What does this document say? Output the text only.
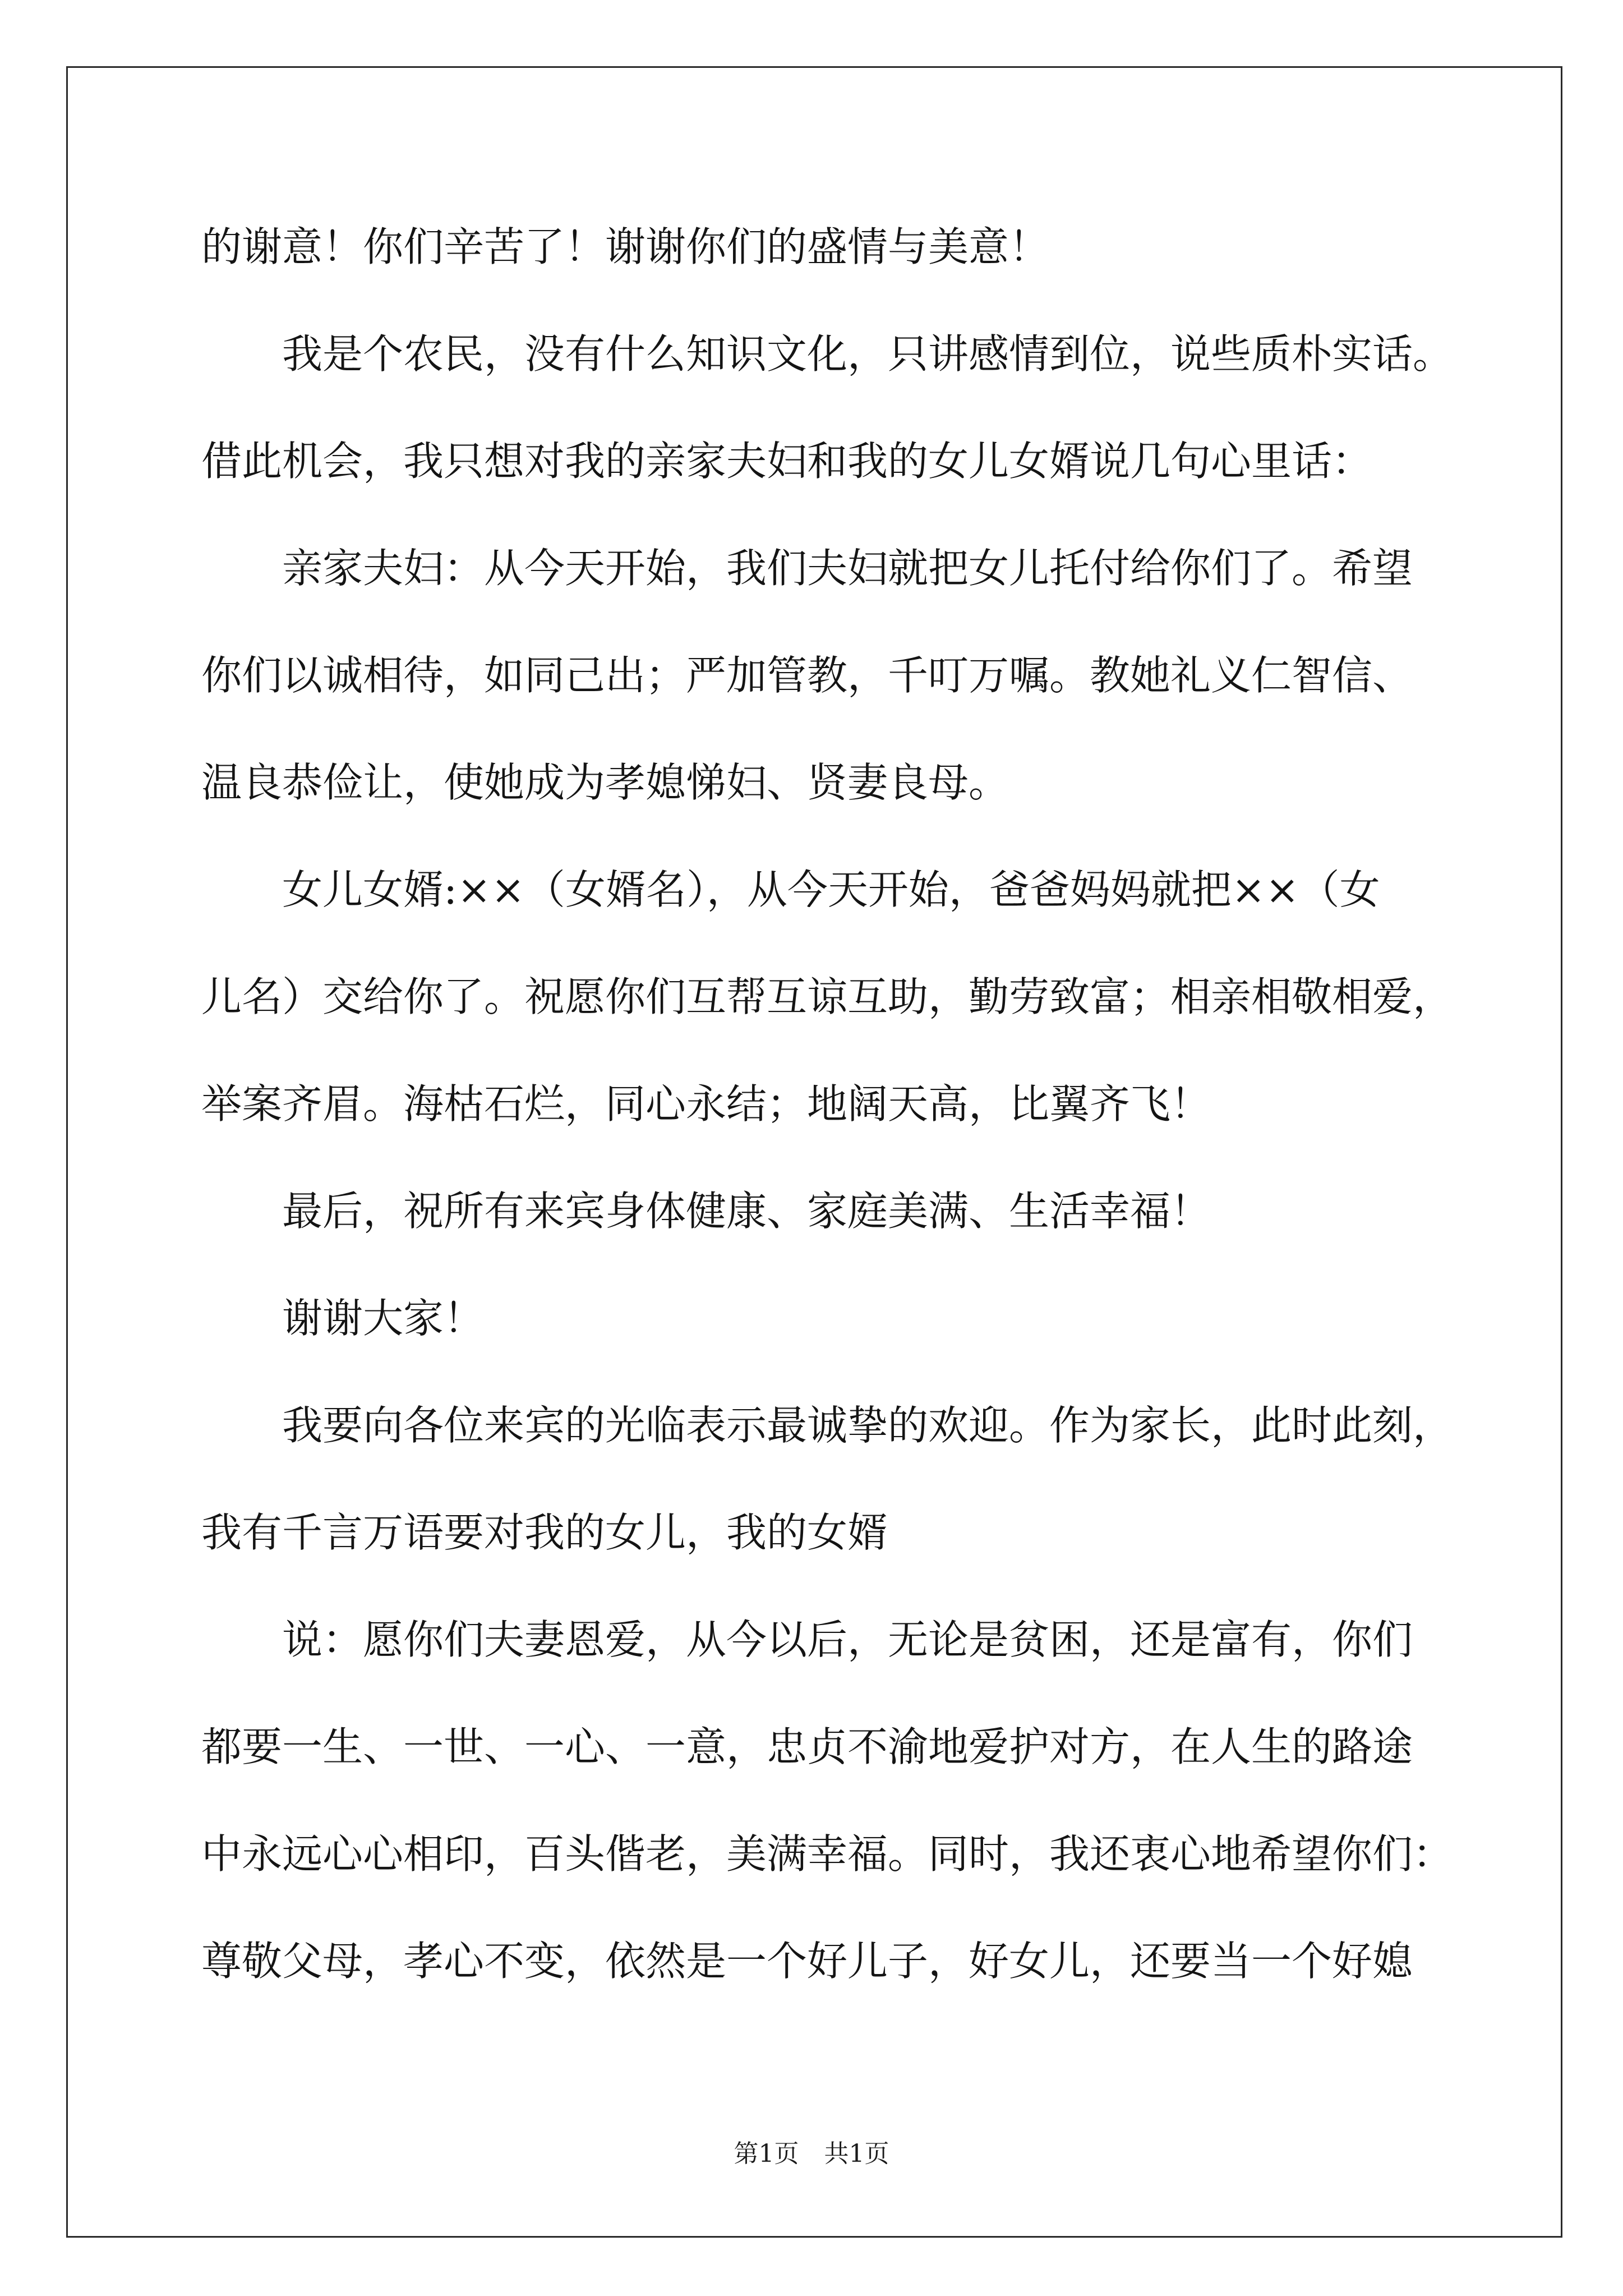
的谢意！你们辛苦了！谢谢你们的盛情与美意！
我是个农民，没有什么知识文化，只讲感情到位，说些质朴实话。
借此机会，我只想对我的亲家夫妇和我的女儿女婿说几句心里话：
亲家夫妇：从今天开始，我们夫妇就把女儿托付给你们了。希望
你们以诚相待，如同己出；严加管教，千叮万嘱。教她礼义仁智信、
温良恭俭让，使她成为孝媳悌妇、贤妻良母。
女儿女婿:××（女婿名），从今天开始，爸爸妈妈就把××（女
儿名）交给你了。祝愿你们互帮互谅互助，勤劳致富；相亲相敬相爱，
举案齐眉。海枯石烂，同心永结；地阔天高，比翼齐飞！
最后，祝所有来宾身体健康、家庭美满、生活幸福！
谢谢大家！
我要向各位来宾的光临表示最诚挚的欢迎。作为家长，此时此刻，
我有千言万语要对我的女儿，我的女婿
说：愿你们夫妻恩爱，从今以后，无论是贫困，还是富有，你们
都要一生、一世、一心、一意，忠贞不渝地爱护对方，在人生的路途
中永远心心相印，百头偕老，美满幸福。同时，我还衷心地希望你们：
尊敬父母，孝心不变，依然是一个好儿子，好女儿，还要当一个好媳
第1页 共1页
